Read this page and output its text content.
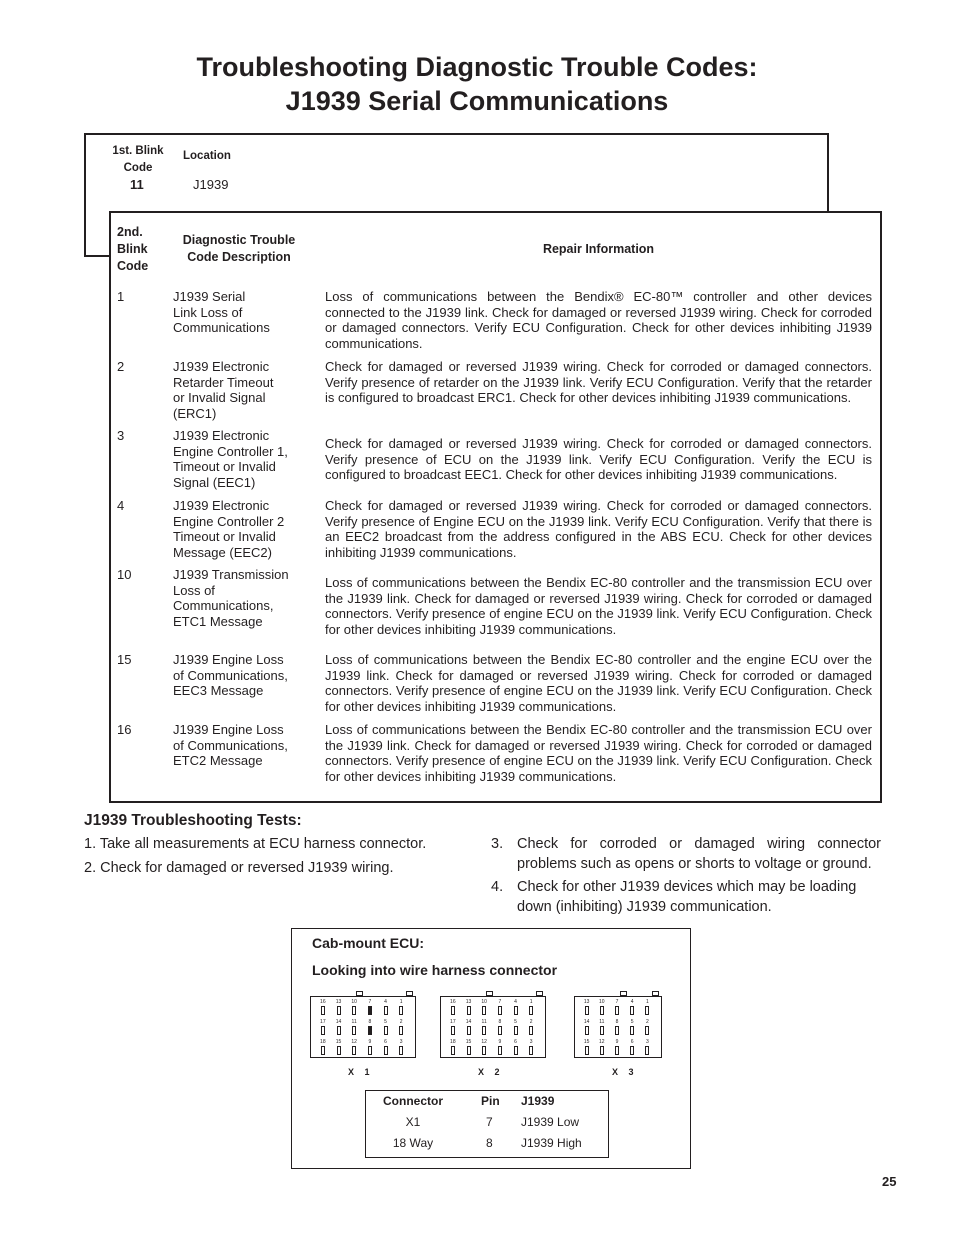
Troubleshooting Diagnostic Trouble Codes:
J1939 Serial Communications
1st. Blink
Code
Location
11	J1939
2nd.
Blink
Code
Diagnostic Trouble
Code Description
Repair Information
1	J1939 Serial
Link Loss of
Communications
Loss of communications between the Bendix® EC-80™ controller and other devices connected to the J1939 link. Check for damaged or reversed J1939 wiring. Check for corroded or damaged connectors. Verify ECU Configuration. Check for other devices inhibiting J1939 communications.
2	J1939 Electronic
Retarder Timeout
or Invalid Signal
(ERC1)
Check for damaged or reversed J1939 wiring. Check for corroded or damaged connectors. Verify presence of retarder on the J1939 link. Verify ECU Configuration. Verify that the retarder is configured to broadcast ERC1. Check for other devices inhibiting J1939 communications.
3	J1939 Electronic
Engine Controller 1,
Timeout or Invalid
Signal (EEC1)
Check for damaged or reversed J1939 wiring. Check for corroded or damaged connectors. Verify presence of ECU on the J1939 link. Verify ECU Configuration. Verify the ECU is configured to broadcast EEC1. Check for other devices inhibiting J1939 communications.
4	J1939 Electronic
Engine Controller 2
Timeout or Invalid
Message (EEC2)
Check for damaged or reversed J1939 wiring. Check for corroded or damaged connectors. Verify presence of Engine ECU on the J1939 link. Verify ECU Configuration. Verify that there is an EEC2 broadcast from the address configured in the ABS ECU. Check for other devices inhibiting J1939 communications.
10	J1939 Transmission
Loss of
Communications,
ETC1 Message
Loss of communications between the Bendix EC-80 controller and the transmission ECU over the J1939 link. Check for damaged or reversed J1939 wiring. Check for corroded or damaged connectors. Verify presence of engine ECU on the J1939 link. Verify ECU Configuration. Check for other devices inhibiting J1939 communications.
15	J1939 Engine Loss
of Communications,
EEC3 Message
Loss of communications between the Bendix EC-80 controller and the engine ECU over the J1939 link. Check for damaged or reversed J1939 wiring. Check for corroded or damaged connectors. Verify presence of engine ECU on the J1939 link. Verify ECU Configuration. Check for other devices inhibiting J1939 communications.
16	J1939 Engine Loss
of Communications,
ETC2 Message
Loss of communications between the Bendix EC-80 controller and the transmission ECU over the J1939 link. Check for damaged or reversed J1939 wiring. Check for corroded or damaged connectors. Verify presence of engine ECU on the J1939 link. Verify ECU Configuration. Check for other devices inhibiting J1939 communications.
J1939 Troubleshooting Tests:
1. Take all measurements at ECU harness connector.
2. Check for damaged or reversed J1939 wiring.
3. Check for corroded or damaged wiring connector problems such as opens or shorts to voltage or ground.
4. Check for other J1939 devices which may be loading down (inhibiting) J1939 communication.
Cab-mount ECU:
Looking into wire harness connector
16	13	10	7	4	1
17	14	11	8	5	2
18	15	12	9	6	3
X 1
16	13	10	7	4	1
17	14	11	8	5	2
18	15	12	9	6	3
X 2
13	10	7	4	1
14	11	8	5	2
15	12	9	6	3
X 3
Connector	Pin J1939
X1	7 J1939 Low
18 Way	8 J1939 High
25
